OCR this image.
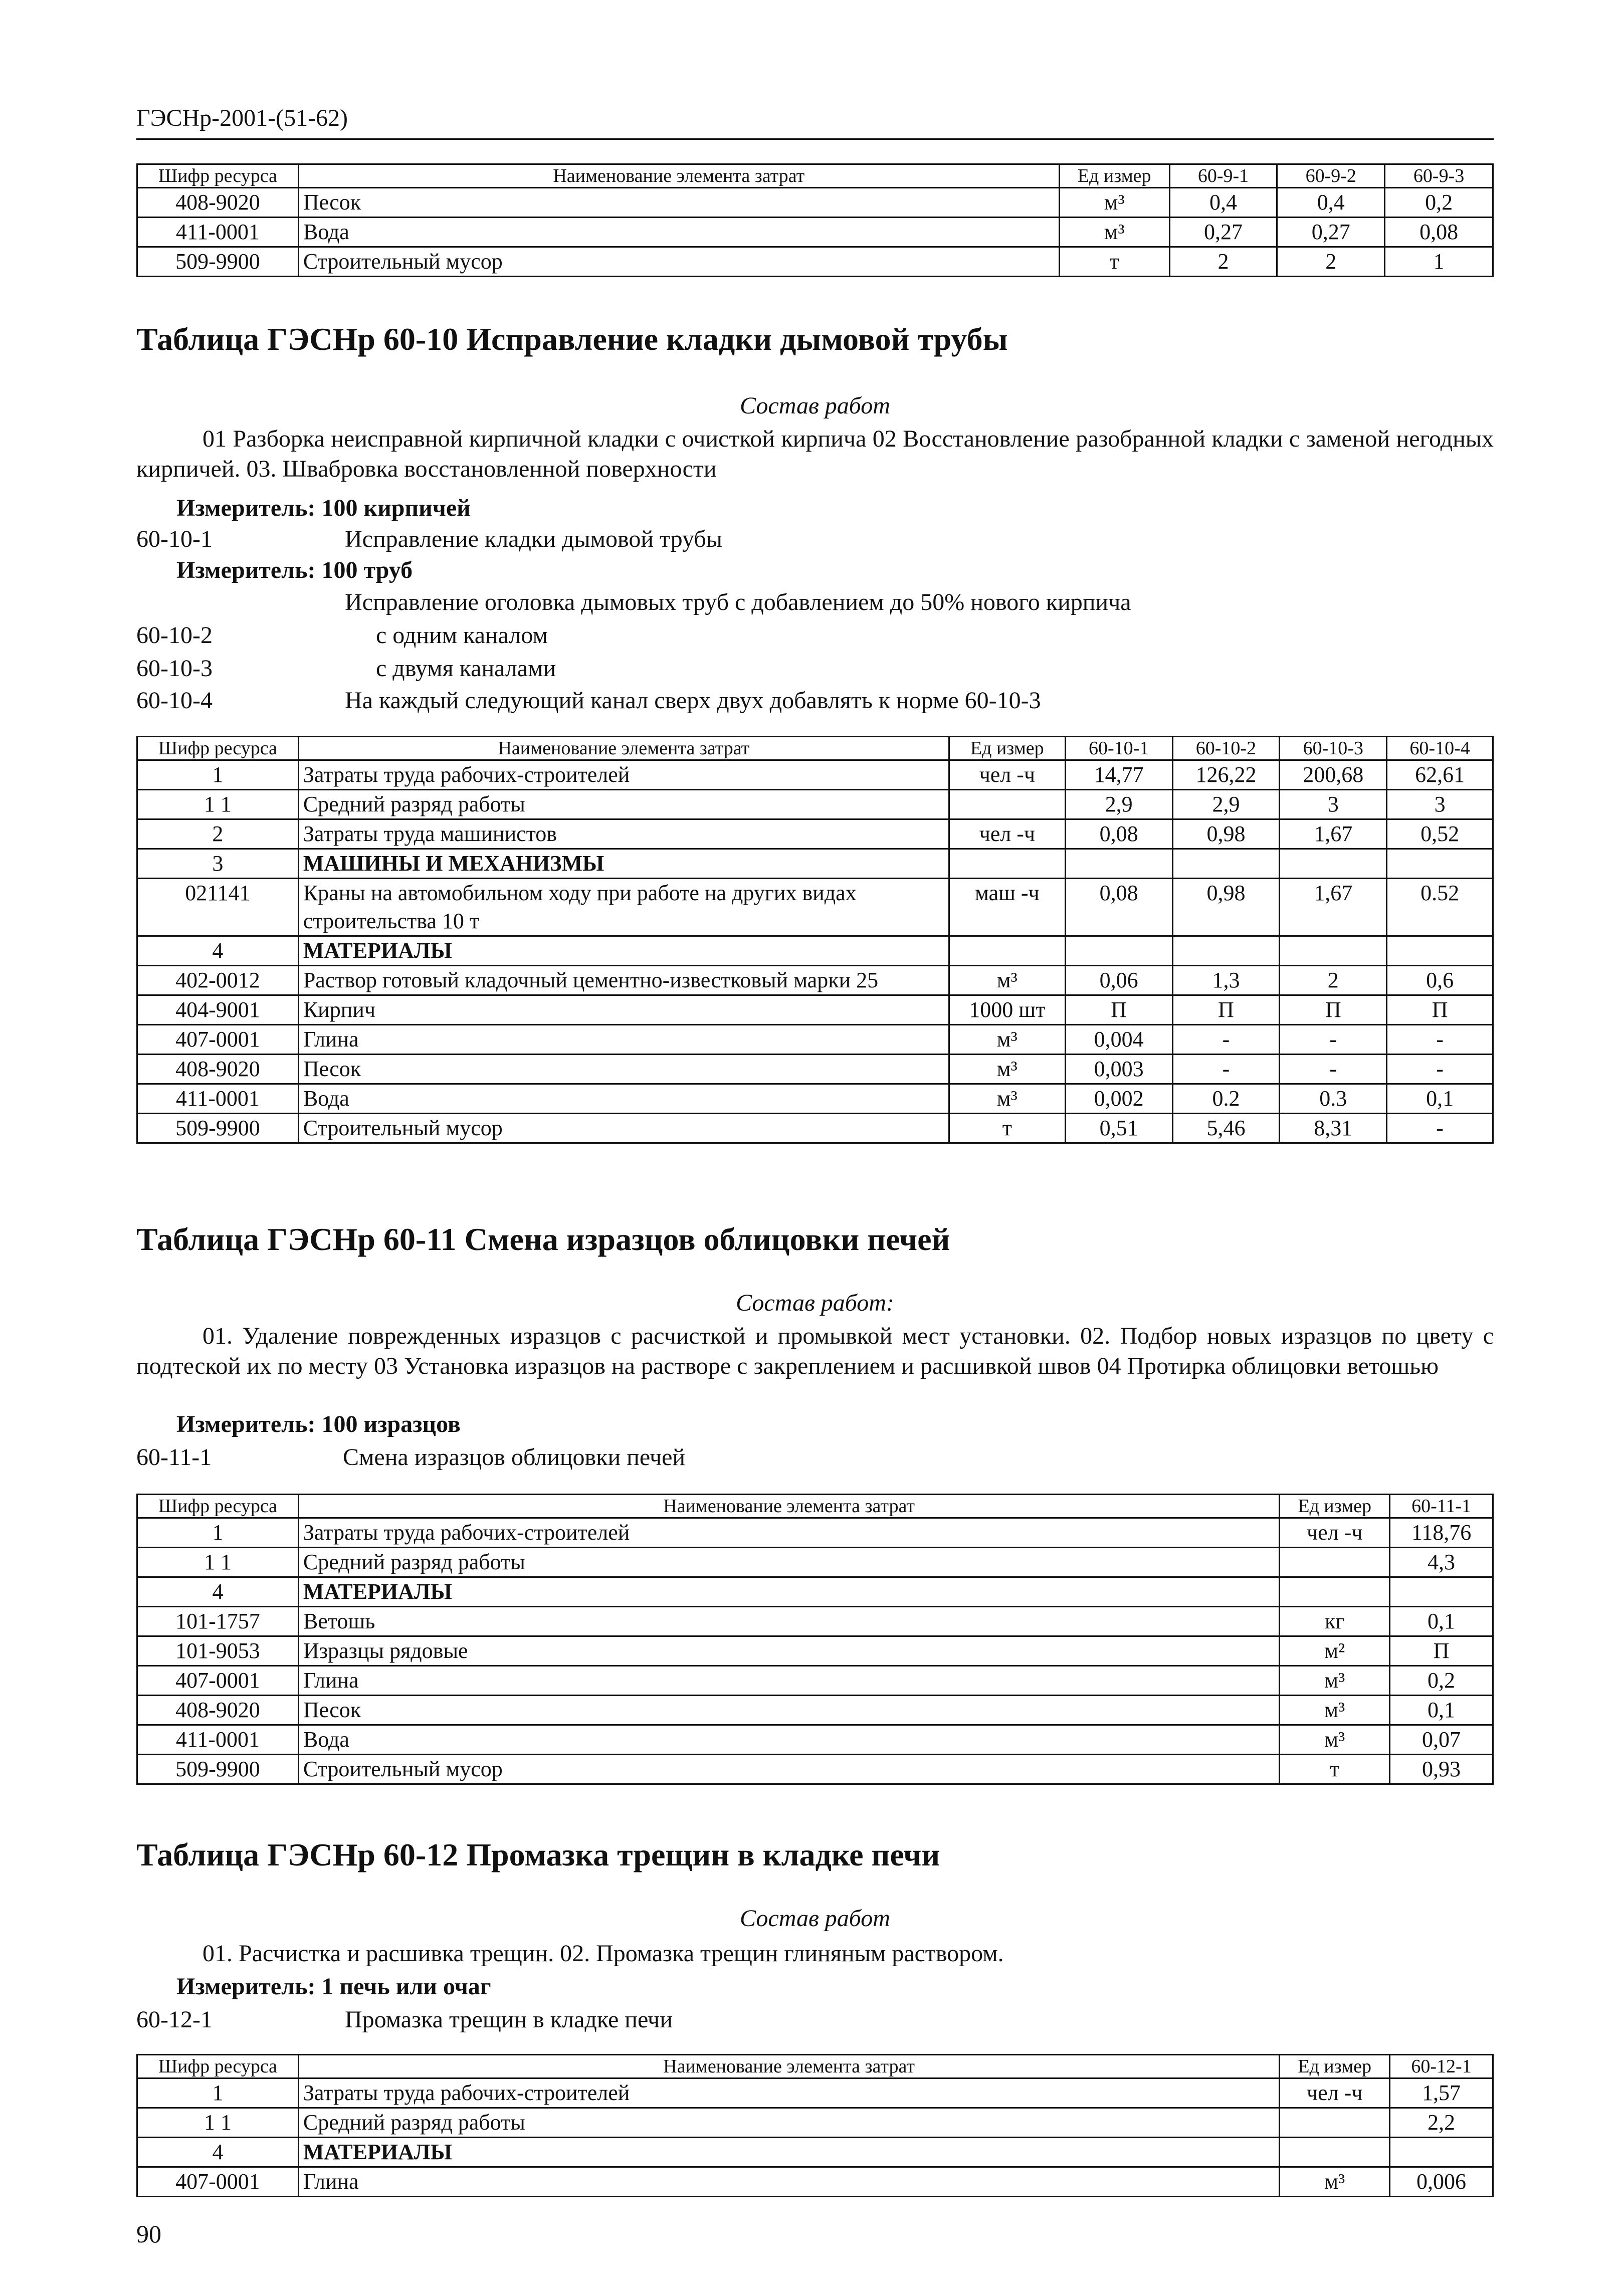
ГЭСНр-2001-(51-62)
Шифр ресурса	Наименование элемента затрат	Ед измер	60-9-1	60-9-2	60-9-3
408-9020	Песок	м³	0,4	0,4	0,2
411-0001	Вода	м³	0,27	0,27	0,08
509-9900	Строительный мусор	т	2	2	1
Таблица ГЭСНр 60-10 Исправление кладки дымовой трубы
Состав работ
01 Разборка неисправной кирпичной кладки с очисткой кирпича 02 Восстановление разобранной кладки с заменой негодных кирпичей. 03. Швабровка восстановленной поверхности
Измеритель: 100 кирпичей
60-10-1	Исправление кладки дымовой трубы
Измеритель: 100 труб
Исправление оголовка дымовых труб с добавлением до 50% нового кирпича
60-10-2	с одним каналом
60-10-3	с двумя каналами
60-10-4	На каждый следующий канал сверх двух добавлять к норме 60-10-3
Шифр ресурса	Наименование элемента затрат	Ед измер	60-10-1	60-10-2	60-10-3	60-10-4
1	Затраты труда рабочих-строителей	чел -ч	14,77	126,22	200,68	62,61
1 1	Средний разряд работы		2,9	2,9	3	3
2	Затраты труда машинистов	чел -ч	0,08	0,98	1,67	0,52
3	МАШИНЫ И МЕХАНИЗМЫ					
021141	Краны на автомобильном ходу при работе на других видах строительства 10 т	маш -ч	0,08	0,98	1,67	0.52
4	МАТЕРИАЛЫ					
402-0012	Раствор готовый кладочный цементно-известковый марки 25	м³	0,06	1,3	2	0,6
404-9001	Кирпич	1000 шт	П	П	П	П
407-0001	Глина	м³	0,004	-	-	-
408-9020	Песок	м³	0,003	-	-	-
411-0001	Вода	м³	0,002	0.2	0.3	0,1
509-9900	Строительный мусор	т	0,51	5,46	8,31	-
Таблица ГЭСНр 60-11 Смена изразцов облицовки печей
Состав работ:
01. Удаление поврежденных изразцов с расчисткой и промывкой мест установки. 02. Подбор новых изразцов по цвету с подтеской их по месту 03 Установка изразцов на растворе с закреплением и расшивкой швов 04 Протирка облицовки ветошью
Измеритель: 100 изразцов
60-11-1	Смена изразцов облицовки печей
Шифр ресурса	Наименование элемента затрат	Ед измер	60-11-1
1	Затраты труда рабочих-строителей	чел -ч	118,76
1 1	Средний разряд работы		4,3
4	МАТЕРИАЛЫ		
101-1757	Ветошь	кг	0,1
101-9053	Изразцы рядовые	м²	П
407-0001	Глина	м³	0,2
408-9020	Песок	м³	0,1
411-0001	Вода	м³	0,07
509-9900	Строительный мусор	т	0,93
Таблица ГЭСНр 60-12 Промазка трещин в кладке печи
Состав работ
01. Расчистка и расшивка трещин. 02. Промазка трещин глиняным раствором.
Измеритель: 1 печь или очаг
60-12-1	Промазка трещин в кладке печи
Шифр ресурса	Наименование элемента затрат	Ед измер	60-12-1
1	Затраты труда рабочих-строителей	чел -ч	1,57
1 1	Средний разряд работы		2,2
4	МАТЕРИАЛЫ		
407-0001	Глина	м³	0,006
90
